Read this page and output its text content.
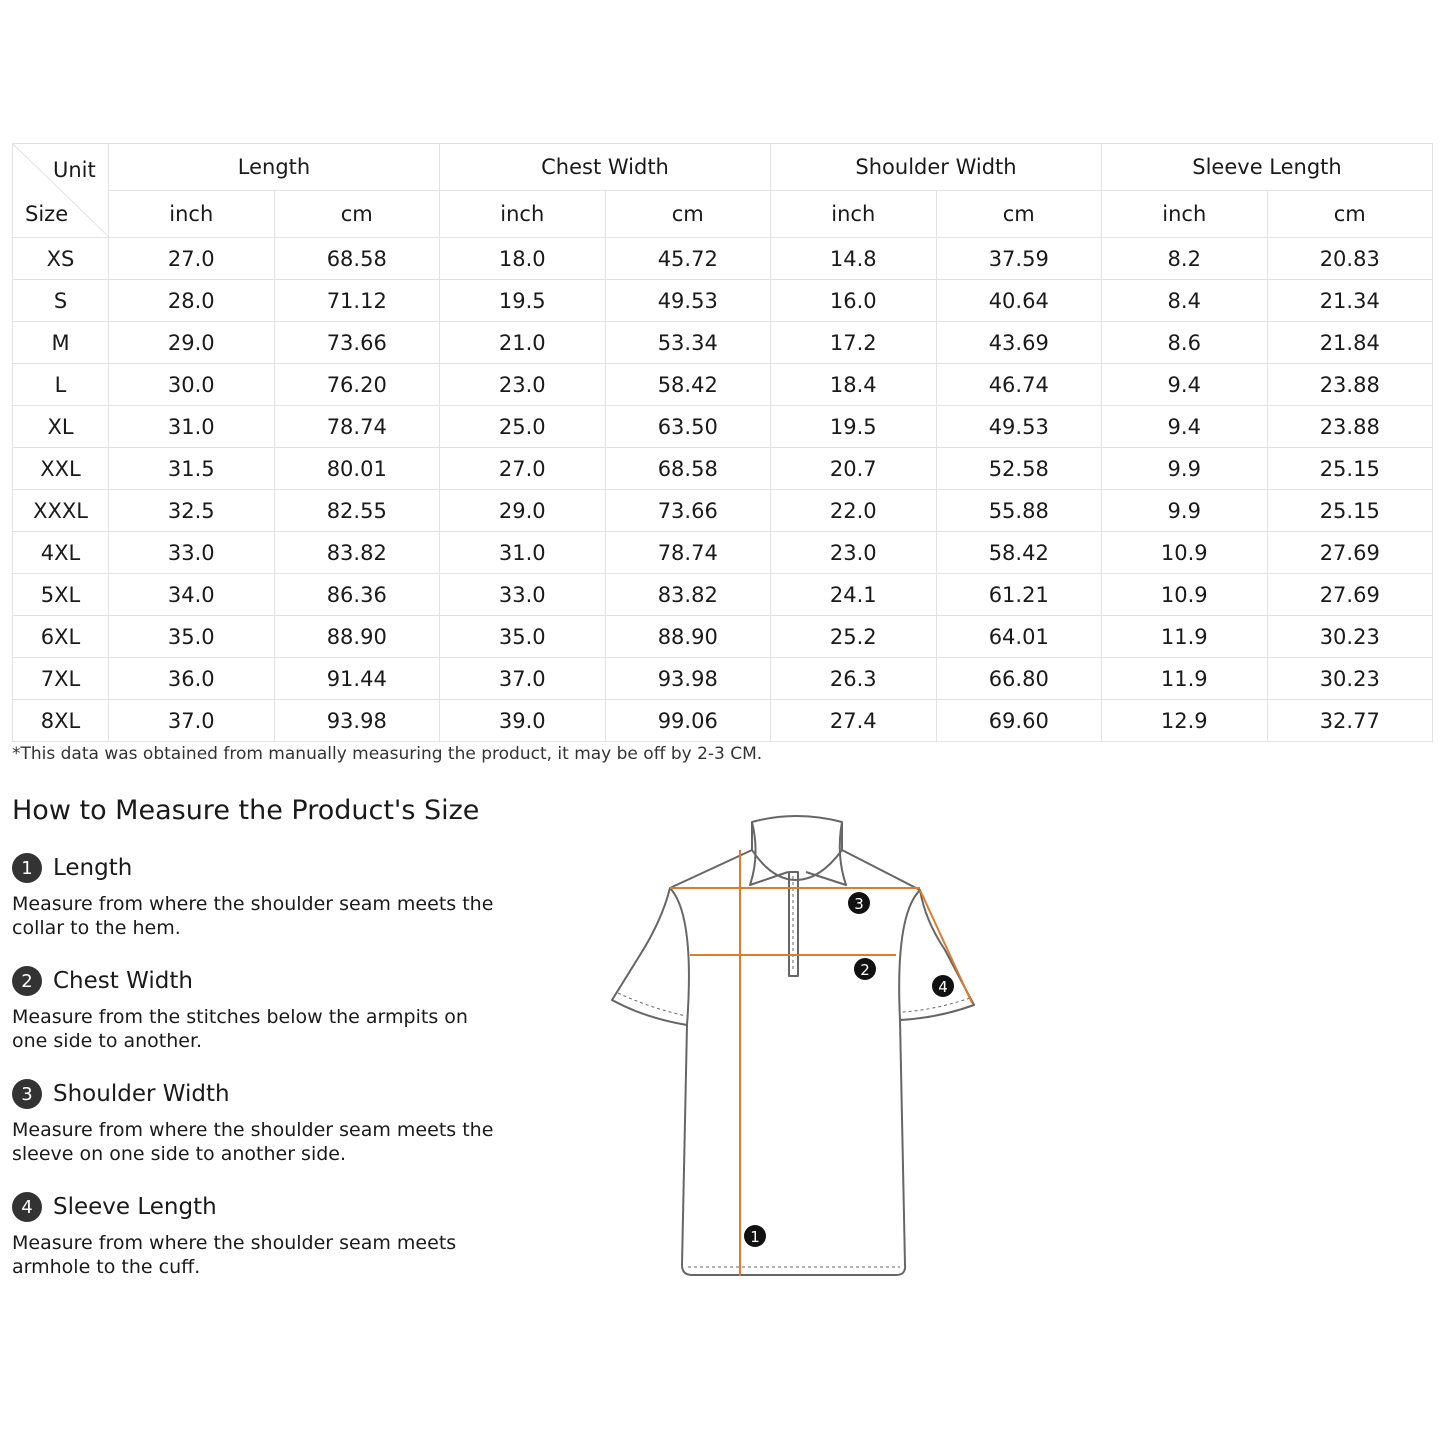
Unit
Size	Length		Chest Width		Shoulder Width		Sleeve Length	
	inch	cm	inch	cm	inch	cm	inch	cm
XS	27.0	68.58	18.0	45.72	14.8	37.59	8.2	20.83
S	28.0	71.12	19.5	49.53	16.0	40.64	8.4	21.34
M	29.0	73.66	21.0	53.34	17.2	43.69	8.6	21.84
L	30.0	76.20	23.0	58.42	18.4	46.74	9.4	23.88
XL	31.0	78.74	25.0	63.50	19.5	49.53	9.4	23.88
XXL	31.5	80.01	27.0	68.58	20.7	52.58	9.9	25.15
XXXL	32.5	82.55	29.0	73.66	22.0	55.88	9.9	25.15
4XL	33.0	83.82	31.0	78.74	23.0	58.42	10.9	27.69
5XL	34.0	86.36	33.0	83.82	24.1	61.21	10.9	27.69
6XL	35.0	88.90	35.0	88.90	25.2	64.01	11.9	30.23
7XL	36.0	91.44	37.0	93.98	26.3	66.80	11.9	30.23
8XL	37.0	93.98	39.0	99.06	27.4	69.60	12.9	32.77
*This data was obtained from manually measuring the product, it may be off by 2-3 CM.
How to Measure the Product's Size
1 Length
Measure from where the shoulder seam meets the collar to the hem.
2 Chest Width
Measure from the stitches below the armpits on one side to another.
3 Shoulder Width
Measure from where the shoulder seam meets the sleeve on one side to another side.
4 Sleeve Length
Measure from where the shoulder seam meets armhole to the cuff.
1
2
3
4
